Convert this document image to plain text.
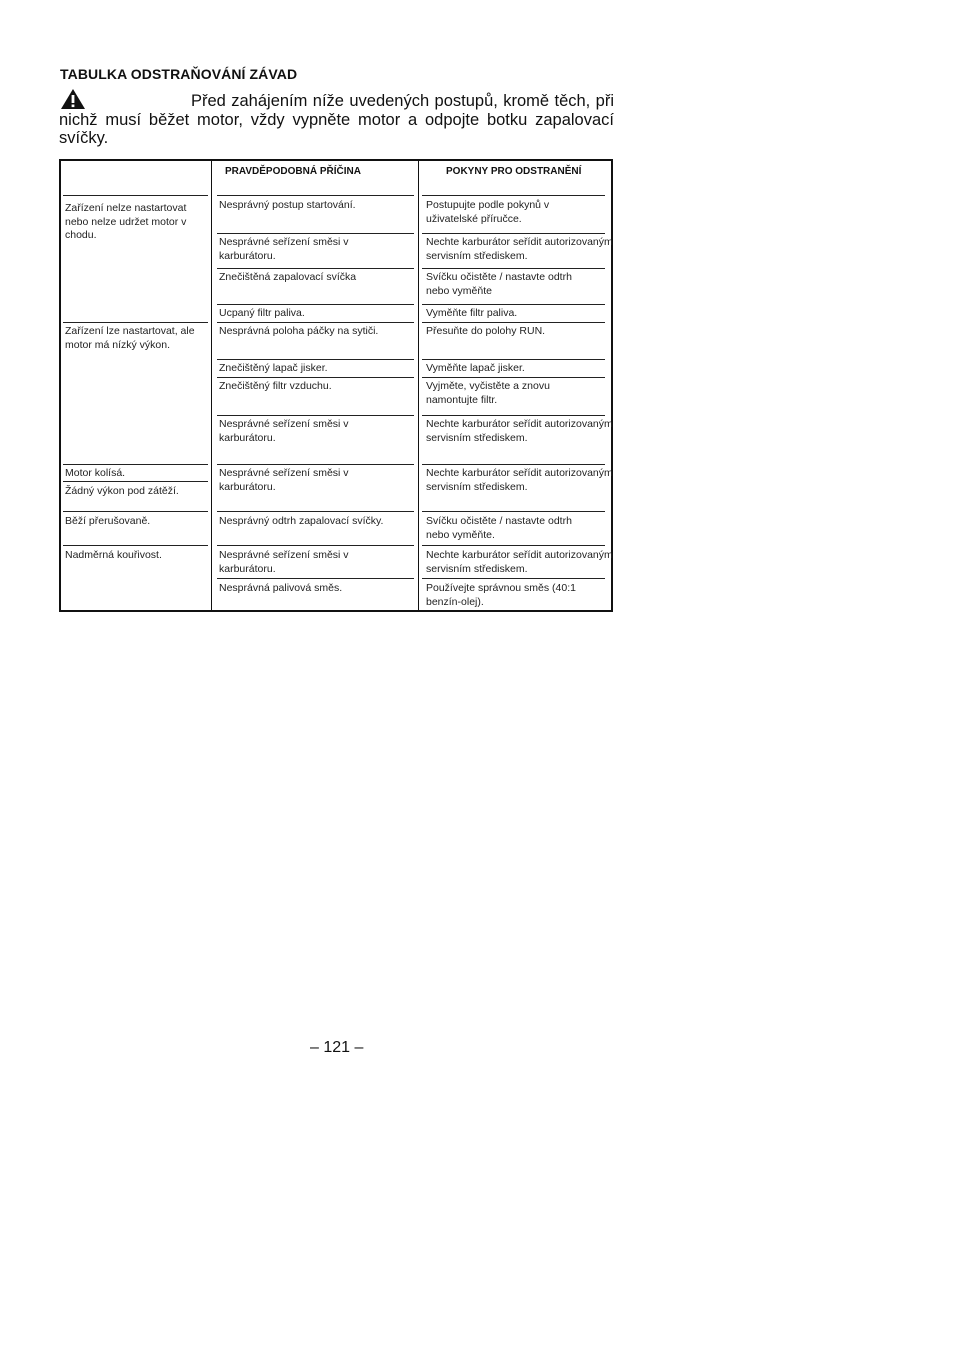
TABULKA ODSTRAŇOVÁNÍ ZÁVAD
Před zahájením níže uvedených postupů, kromě těch, při nichž musí běžet motor, vždy vypněte motor a odpojte botku zapalovací svíčky.
PRAVDĚPODOBNÁ PŘÍČINA	POKYNY PRO ODSTRANĚNÍ
Zařízení nelze nastartovat nebo nelze udržet motor v chodu.
Zařízení lze nastartovat, ale motor má nízký výkon.
Motor kolísá.
Žádný výkon pod zátěží.
Běží přerušovaně.
Nadměrná kouřivost.
Nesprávný postup startování.
Nesprávné seřízení směsi v karburátoru.
Znečištěná zapalovací svíčka
Ucpaný filtr paliva.
Nesprávná poloha páčky na sytiči.
Znečištěný lapač jisker.
Znečištěný filtr vzduchu.
Nesprávné seřízení směsi v karburátoru.
Nesprávné seřízení směsi v karburátoru.
Nesprávný odtrh zapalovací svíčky.
Nesprávné seřízení směsi v karburátoru.
Nesprávná palivová směs.
Postupujte podle pokynů v uživatelské příručce.
Nechte karburátor seřídit autorizovaným servisním střediskem.
Svíčku očistěte / nastavte odtrh nebo vyměňte
Vyměňte filtr paliva.
Přesuňte do polohy RUN.
Vyměňte lapač jisker.
Vyjměte, vyčistěte a znovu namontujte filtr.
Nechte karburátor seřídit autorizovaným servisním střediskem.
Nechte karburátor seřídit autorizovaným servisním střediskem.
Svíčku očistěte / nastavte odtrh nebo vyměňte.
Nechte karburátor seřídit autorizovaným servisním střediskem.
Používejte správnou směs (40:1 benzín-olej).
– 121 –
